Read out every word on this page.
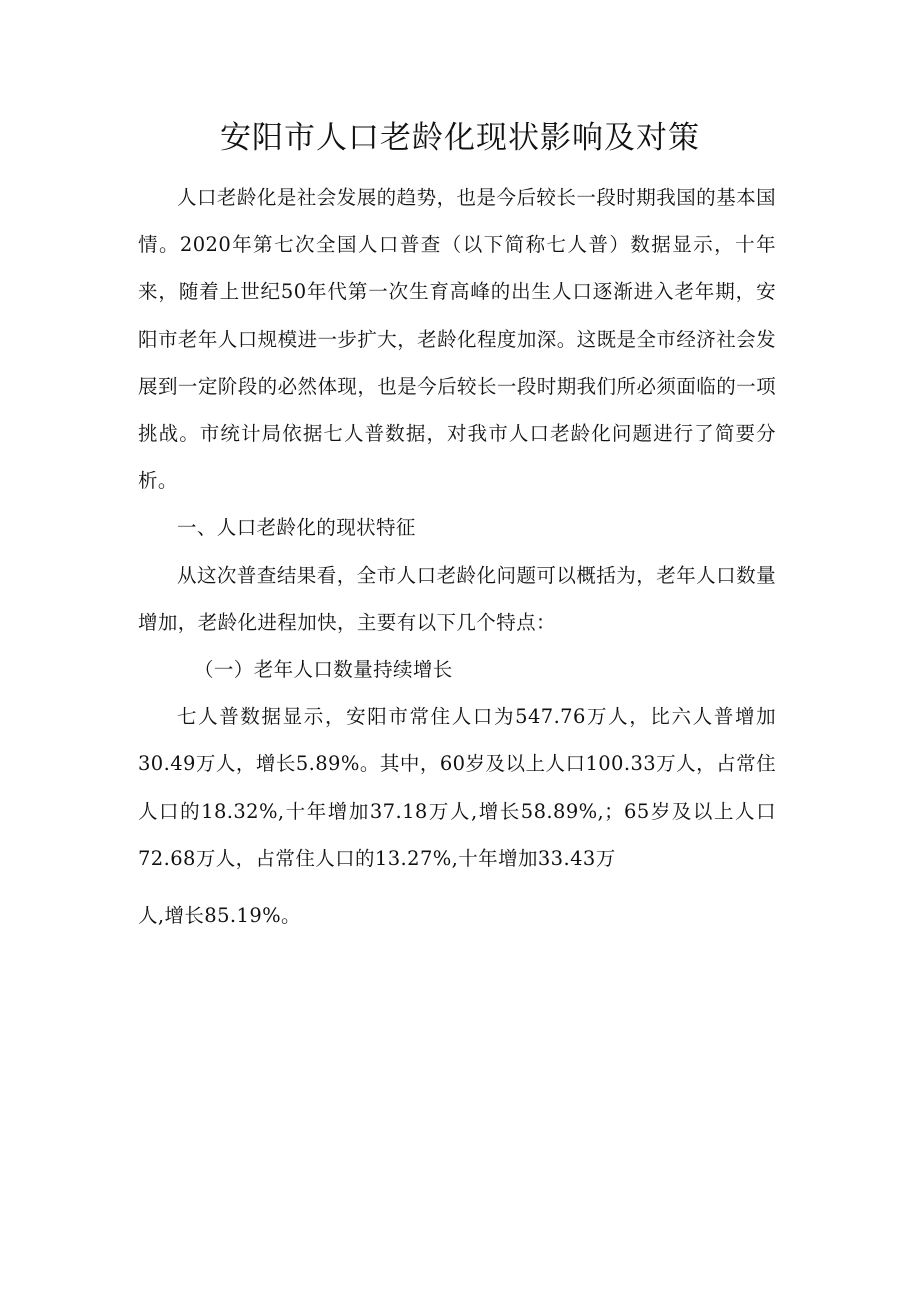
安阳市人口老龄化现状影响及对策

人口老龄化是社会发展的趋势，也是今后较长一段时期我国的基本国情。2020年第七次全国人口普查（以下简称七人普）数据显示，十年来，随着上世纪50年代第一次生育高峰的出生人口逐渐进入老年期，安阳市老年人口规模进一步扩大，老龄化程度加深。这既是全市经济社会发展到一定阶段的必然体现，也是今后较长一段时期我们所必须面临的一项挑战。市统计局依据七人普数据，对我市人口老龄化问题进行了简要分析。

一、人口老龄化的现状特征

从这次普查结果看，全市人口老龄化问题可以概括为，老年人口数量增加，老龄化进程加快，主要有以下几个特点：

（一）老年人口数量持续增长

七人普数据显示，安阳市常住人口为547.76万人，比六人普增加30.49万人，增长5.89%。其中，60岁及以上人口100.33万人，占常住人口的18.32%,十年增加37.18万人,增长58.89%,；65岁及以上人口72.68万人，占常住人口的13.27%,十年增加33.43万

人,增长85.19%。
